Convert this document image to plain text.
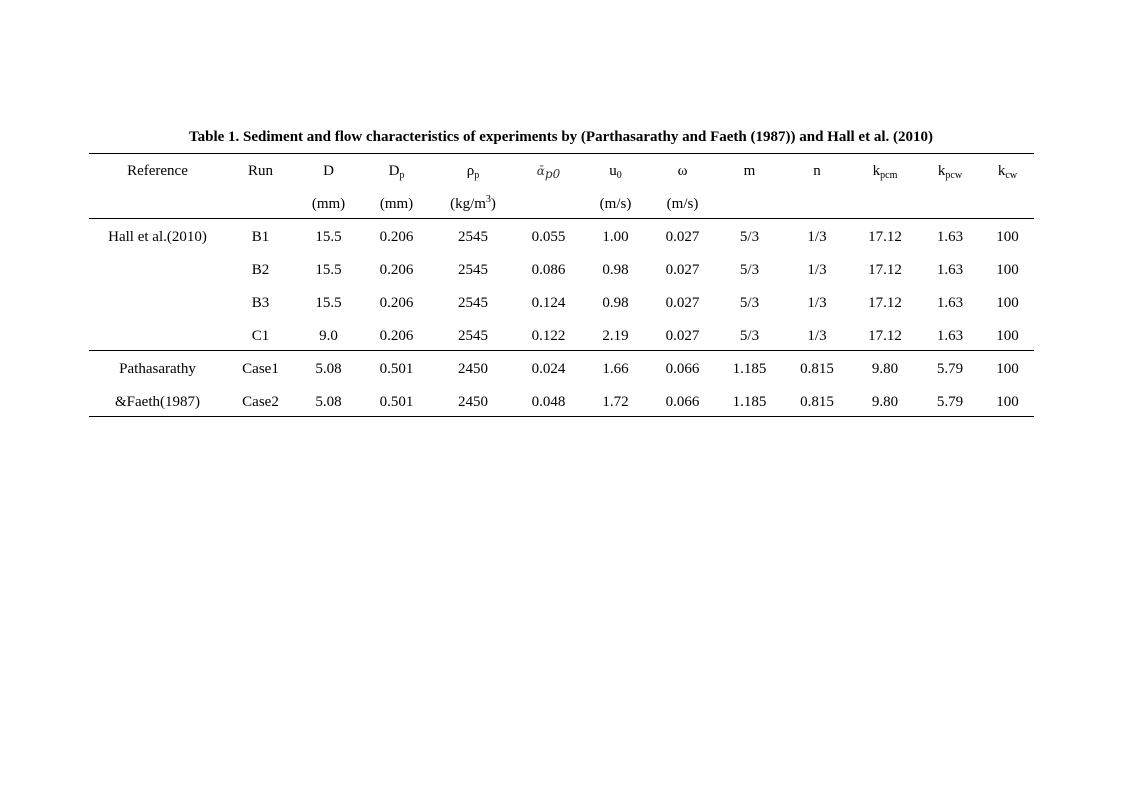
Table 1. Sediment and flow characteristics of experiments by (Parthasarathy and Faeth (1987)) and Hall et al. (2010)
Reference	Run	D	$D_p$	$\rho_p$	ᾱ$_{p0}$	$u_0$	ω	m	n	$k_{pcm}$	$k_{pcw}$	$k_{cw}$
		(mm)	(mm)	$(kg/m^3)$		(m/s)	(m/s)					
Hall et al.(2010)	B1	15.5	0.206	2545	0.055	1.00	0.027	5/3	1/3	17.12	1.63	100
	B2	15.5	0.206	2545	0.086	0.98	0.027	5/3	1/3	17.12	1.63	100
	B3	15.5	0.206	2545	0.124	0.98	0.027	5/3	1/3	17.12	1.63	100
	C1	9.0	0.206	2545	0.122	2.19	0.027	5/3	1/3	17.12	1.63	100
Pathasarathy	Case1	5.08	0.501	2450	0.024	1.66	0.066	1.185	0.815	9.80	5.79	100
&Faeth(1987)	Case2	5.08	0.501	2450	0.048	1.72	0.066	1.185	0.815	9.80	5.79	100
